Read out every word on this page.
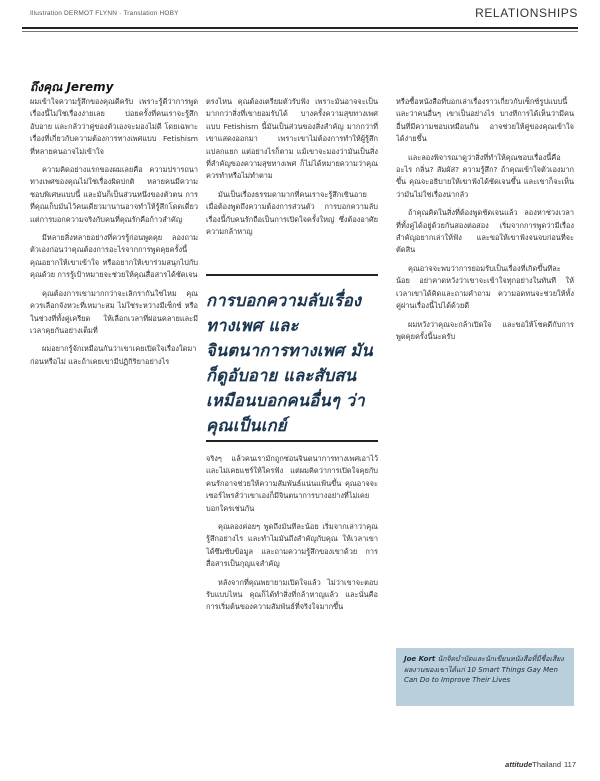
Illustration DERMOT FLYNN · Translation HOBY	RELATIONSHIPS
ถึงคุณ Jeremy

ผมเข้าใจความรู้สึกของคุณดีครับ เพราะรู้ดีว่าการพูดเรื่องนี้ไม่ใช่เรื่องง่ายเลย บ่อยครั้งที่คนเราจะรู้สึกอับอาย และกลัวว่าคู่ของตัวเองจะมองไม่ดี โดยเฉพาะเรื่องที่เกี่ยวกับความต้องการทางเพศแบบ Fetishism ที่หลายคนอาจไม่เข้าใจ

ความคิดอย่างแรกของผมเลยคือ ความปรารถนาทางเพศของคุณไม่ใช่เรื่องผิดปกติ หลายคนมีความชอบพิเศษแบบนี้ และมันก็เป็นส่วนหนึ่งของตัวตน การที่คุณเก็บมันไว้คนเดียวมานานอาจทำให้รู้สึกโดดเดี่ยว แต่การบอกความจริงกับคนที่คุณรักคือก้าวสำคัญ

มีหลายสิ่งหลายอย่างที่ควรรู้ก่อนพูดคุย ลองถามตัวเองก่อนว่าคุณต้องการอะไรจากการพูดคุยครั้งนี้ คุณอยากให้เขาเข้าใจ หรืออยากให้เขาร่วมสนุกไปกับคุณด้วย การรู้เป้าหมายจะช่วยให้คุณสื่อสารได้ชัดเจน

คุณต้องการเขามากกว่าจะเลิกรากันใช่ไหม คุณควรเลือกจังหวะที่เหมาะสม ไม่ใช่ระหว่างมีเซ็กซ์ หรือในช่วงที่ทั้งคู่เครียด ให้เลือกเวลาที่ผ่อนคลายและมีเวลาคุยกันอย่างเต็มที่

ผมอยากรู้จักเหมือนกันว่าเขาเคยเปิดใจเรื่องใดมาก่อนหรือไม่ และถ้าเคยเขามีปฏิกิริยาอย่างไร

ตรงไหน คุณต้องเตรียมตัวรับฟัง เพราะมันอาจจะเป็นมากกว่าสิ่งที่เขายอมรับได้ บางครั้งความสุขทางเพศแบบ Fetishism นี้มันเป็นส่วนของสิ่งสำคัญ มากกว่าที่เขาแสดงออกมา เพราะเขาไม่ต้องการทำให้ผู้รู้สึกแปลกแยก แต่อย่างไรก็ตาม แม้เขาจะมองว่ามันเป็นสิ่งที่สำคัญของความสุขทางเพศ ก็ไม่ได้หมายความว่าคุณควรทำหรือไม่ทำตาม

มันเป็นเรื่องธรรมดามากที่คนเราจะรู้สึกเขินอายเมื่อต้องพูดถึงความต้องการส่วนตัว การบอกความลับเรื่องนี้กับคนรักถือเป็นการเปิดใจครั้งใหญ่ ซึ่งต้องอาศัยความกล้าหาญ

การบอกความลับเรื่องทางเพศ และจินตนาการทางเพศ มันก็ดูอับอาย และสับสนเหมือนบอกคนอื่นๆ ว่าคุณเป็นเกย์

จริงๆ แล้วคนเรามักถูกซ่อนจินตนาการทางเพศเอาไว้และไม่เคยแชร์ให้ใครฟัง แต่ผมคิดว่าการเปิดใจคุยกับคนรักอาจช่วยให้ความสัมพันธ์แน่นแฟ้นขึ้น คุณอาจจะเซอร์ไพรส์ว่าเขาเองก็มีจินตนาการบางอย่างที่ไม่เคยบอกใครเช่นกัน

คุณลองค่อยๆ พูดถึงมันทีละน้อย เริ่มจากเล่าว่าคุณรู้สึกอย่างไร และทำไมมันถึงสำคัญกับคุณ ให้เวลาเขาได้ซึมซับข้อมูล และถามความรู้สึกของเขาด้วย การสื่อสารเป็นกุญแจสำคัญ

หลังจากที่คุณพยายามเปิดใจแล้ว ไม่ว่าเขาจะตอบรับแบบไหน คุณก็ได้ทำสิ่งที่กล้าหาญแล้ว และนั่นคือการเริ่มต้นของความสัมพันธ์ที่จริงใจมากขึ้น

หรือซื้อหนังสือที่บอกเล่าเรื่องราวเกี่ยวกับเซ็กซ์รูปแบบนี้ และว่าคนอื่นๆ เขาเป็นอย่างไร บางทีการได้เห็นว่ามีคนอื่นที่มีความชอบเหมือนกัน อาจช่วยให้คู่ของคุณเข้าใจได้ง่ายขึ้น

และลองพิจารณาดูว่าสิ่งที่ทำให้คุณชอบเรื่องนี้คืออะไร กลิ่น? สัมผัส? ความรู้สึก? ถ้าคุณเข้าใจตัวเองมากขึ้น คุณจะอธิบายให้เขาฟังได้ชัดเจนขึ้น และเขาก็จะเห็นว่ามันไม่ใช่เรื่องน่ากลัว

ถ้าคุณคิดในสิ่งที่ต้องพูดชัดเจนแล้ว ลองหาช่วงเวลาที่ทั้งคู่ได้อยู่ด้วยกันสองต่อสอง เริ่มจากการพูดว่ามีเรื่องสำคัญอยากเล่าให้ฟัง และขอให้เขาฟังจนจบก่อนที่จะตัดสิน

คุณอาจจะพบว่าการยอมรับเป็นเรื่องที่เกิดขึ้นทีละน้อย อย่าคาดหวังว่าเขาจะเข้าใจทุกอย่างในทันที ให้เวลาเขาได้คิดและถามคำถาม ความอดทนจะช่วยให้ทั้งคู่ผ่านเรื่องนี้ไปได้ด้วยดี

ผมหวังว่าคุณจะกล้าเปิดใจ และขอให้โชคดีกับการพูดคุยครั้งนี้นะครับ

Joe Kort นักจิตบำบัดและนักเขียนหนังสือที่มีชื่อเสียง ผลงานของเขาได้แก่ 10 Smart Things Gay Men Can Do to Improve Their Lives
attitudeThailand 117
